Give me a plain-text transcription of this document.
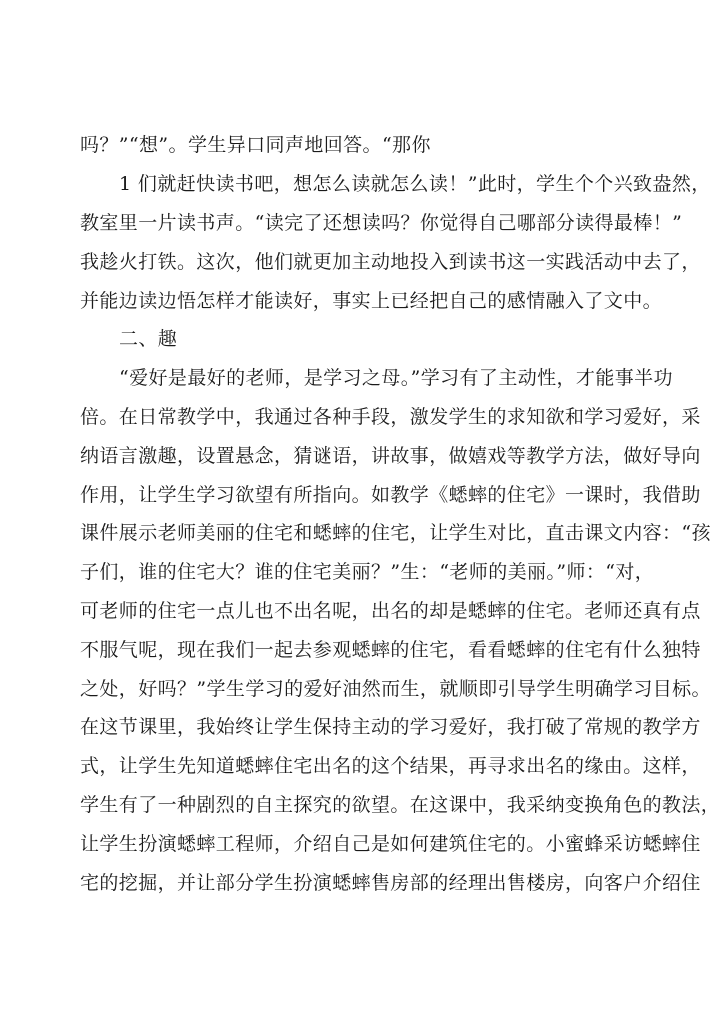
吗？”“想”。学生异口同声地回答。“那你
1 们就赶快读书吧，想怎么读就怎么读！”此时，学生个个兴致盎然，
教室里一片读书声。“读完了还想读吗？你觉得自己哪部分读得最棒！”
我趁火打铁。这次，他们就更加主动地投入到读书这一实践活动中去了，
并能边读边悟怎样才能读好，事实上已经把自己的感情融入了文中。
二、趣
“爱好是最好的老师，是学习之母。”学习有了主动性，才能事半功
倍。在日常教学中，我通过各种手段，激发学生的求知欲和学习爱好，采
纳语言激趣，设置悬念，猜谜语，讲故事，做嬉戏等教学方法，做好导向
作用，让学生学习欲望有所指向。如教学《蟋蟀的住宅》一课时，我借助
课件展示老师美丽的住宅和蟋蟀的住宅，让学生对比，直击课文内容：“孩
子们，谁的住宅大？谁的住宅美丽？”生：“老师的美丽。”师：“对，
可老师的住宅一点儿也不出名呢，出名的却是蟋蟀的住宅。老师还真有点
不服气呢，现在我们一起去参观蟋蟀的住宅，看看蟋蟀的住宅有什么独特
之处，好吗？”学生学习的爱好油然而生，就顺即引导学生明确学习目标。
在这节课里，我始终让学生保持主动的学习爱好，我打破了常规的教学方
式，让学生先知道蟋蟀住宅出名的这个结果，再寻求出名的缘由。这样，
学生有了一种剧烈的自主探究的欲望。在这课中，我采纳变换角色的教法，
让学生扮演蟋蟀工程师，介绍自己是如何建筑住宅的。小蜜蜂采访蟋蟀住
宅的挖掘，并让部分学生扮演蟋蟀售房部的经理出售楼房，向客户介绍住
